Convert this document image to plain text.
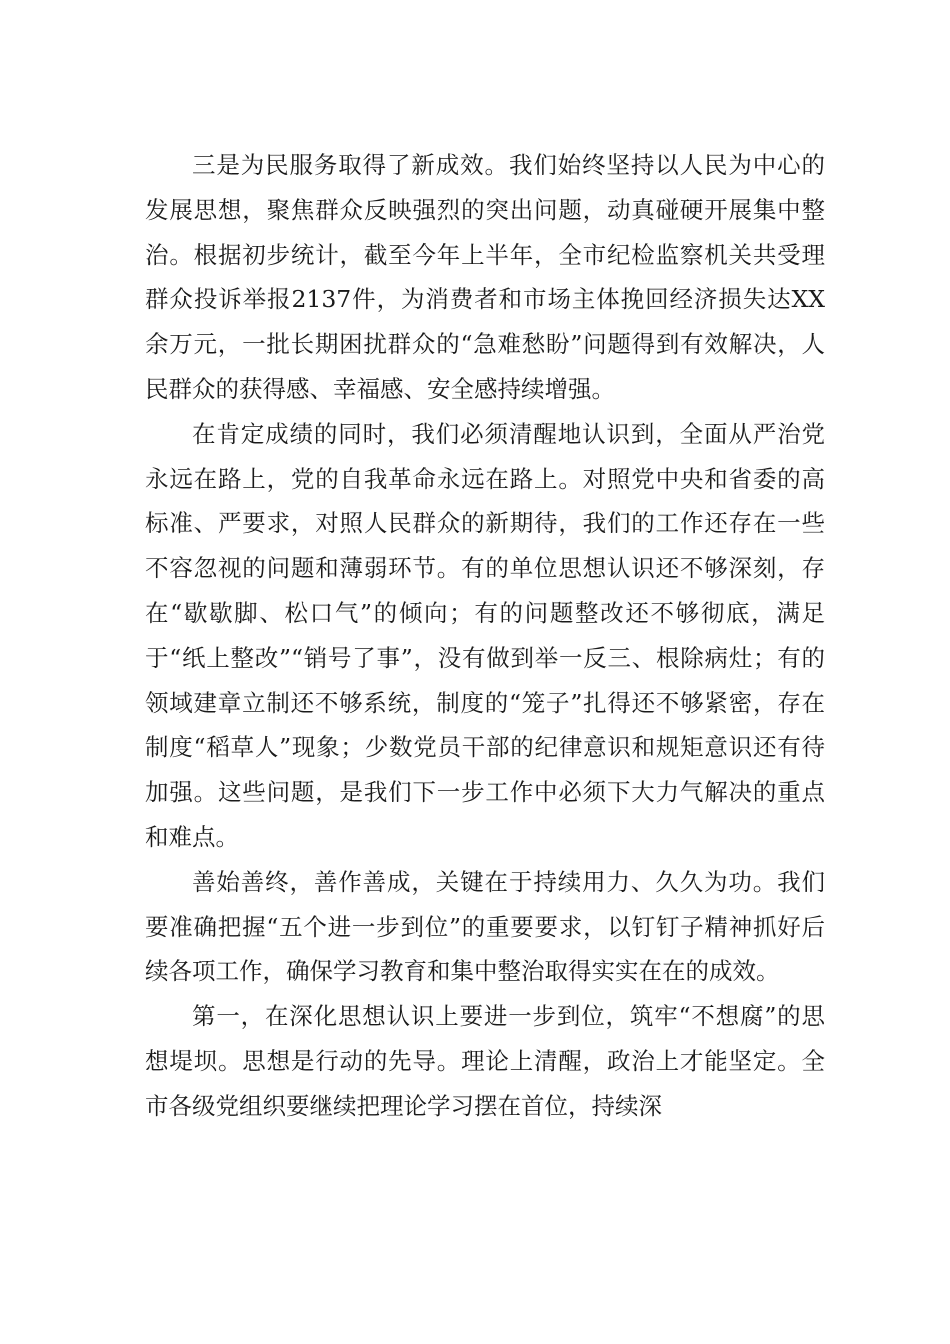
三是为民服务取得了新成效。我们始终坚持以人民为中心的发展思想，聚焦群众反映强烈的突出问题，动真碰硬开展集中整治。根据初步统计，截至今年上半年，全市纪检监察机关共受理群众投诉举报2137件，为消费者和市场主体挽回经济损失达XX余万元，一批长期困扰群众的“急难愁盼”问题得到有效解决，人民群众的获得感、幸福感、安全感持续增强。

在肯定成绩的同时，我们必须清醒地认识到，全面从严治党永远在路上，党的自我革命永远在路上。对照党中央和省委的高标准、严要求，对照人民群众的新期待，我们的工作还存在一些不容忽视的问题和薄弱环节。有的单位思想认识还不够深刻，存在“歇歇脚、松口气”的倾向；有的问题整改还不够彻底，满足于“纸上整改”“销号了事”，没有做到举一反三、根除病灶；有的领域建章立制还不够系统，制度的“笼子”扎得还不够紧密，存在制度“稻草人”现象；少数党员干部的纪律意识和规矩意识还有待加强。这些问题，是我们下一步工作中必须下大力气解决的重点和难点。

善始善终，善作善成，关键在于持续用力、久久为功。我们要准确把握“五个进一步到位”的重要要求，以钉钉子精神抓好后续各项工作，确保学习教育和集中整治取得实实在在的成效。

第一，在深化思想认识上要进一步到位，筑牢“不想腐”的思想堤坝。思想是行动的先导。理论上清醒，政治上才能坚定。全市各级党组织要继续把理论学习摆在首位，持续深
